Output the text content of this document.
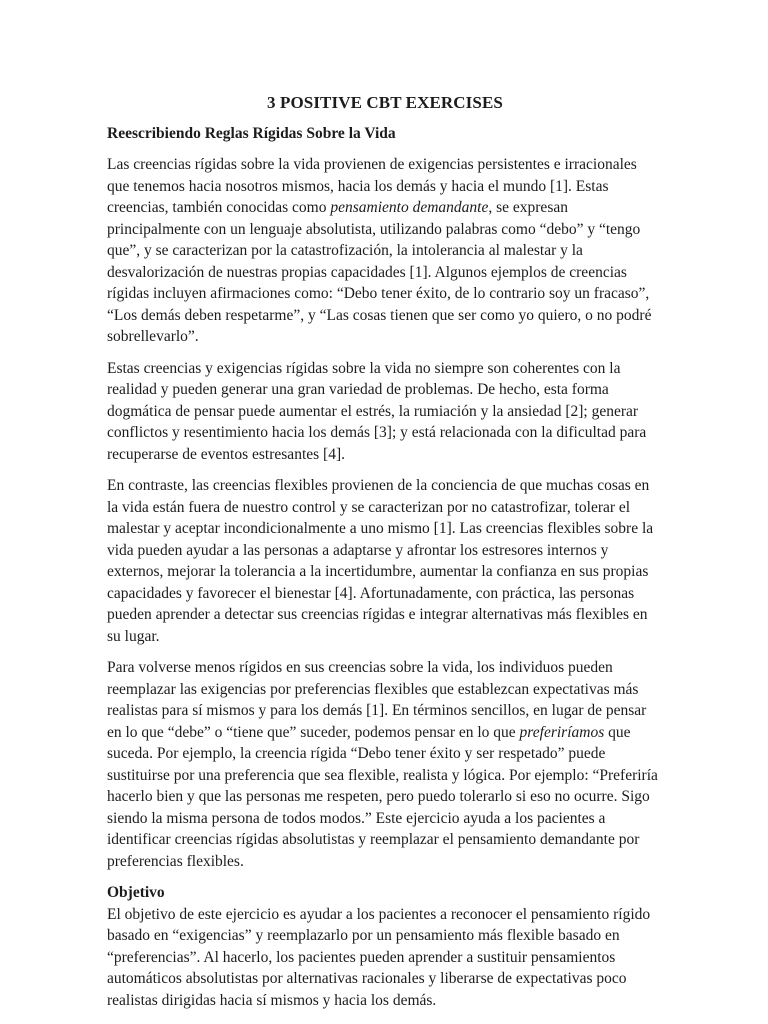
3 POSITIVE CBT EXERCISES
Reescribiendo Reglas Rígidas Sobre la Vida

Las creencias rígidas sobre la vida provienen de exigencias persistentes e irracionales que tenemos hacia nosotros mismos, hacia los demás y hacia el mundo [1]. Estas creencias, también conocidas como pensamiento demandante, se expresan principalmente con un lenguaje absolutista, utilizando palabras como “debo” y “tengo que”, y se caracterizan por la catastrofización, la intolerancia al malestar y la desvalorización de nuestras propias capacidades [1]. Algunos ejemplos de creencias rígidas incluyen afirmaciones como: “Debo tener éxito, de lo contrario soy un fracaso”, “Los demás deben respetarme”, y “Las cosas tienen que ser como yo quiero, o no podré sobrellevarlo”.

Estas creencias y exigencias rígidas sobre la vida no siempre son coherentes con la realidad y pueden generar una gran variedad de problemas. De hecho, esta forma dogmática de pensar puede aumentar el estrés, la rumiación y la ansiedad [2]; generar conflictos y resentimiento hacia los demás [3]; y está relacionada con la dificultad para recuperarse de eventos estresantes [4].

En contraste, las creencias flexibles provienen de la conciencia de que muchas cosas en la vida están fuera de nuestro control y se caracterizan por no catastrofizar, tolerar el malestar y aceptar incondicionalmente a uno mismo [1]. Las creencias flexibles sobre la vida pueden ayudar a las personas a adaptarse y afrontar los estresores internos y externos, mejorar la tolerancia a la incertidumbre, aumentar la confianza en sus propias capacidades y favorecer el bienestar [4]. Afortunadamente, con práctica, las personas pueden aprender a detectar sus creencias rígidas e integrar alternativas más flexibles en su lugar.

Para volverse menos rígidos en sus creencias sobre la vida, los individuos pueden reemplazar las exigencias por preferencias flexibles que establezcan expectativas más realistas para sí mismos y para los demás [1]. En términos sencillos, en lugar de pensar en lo que “debe” o “tiene que” suceder, podemos pensar en lo que preferiríamos que suceda. Por ejemplo, la creencia rígida “Debo tener éxito y ser respetado” puede sustituirse por una preferencia que sea flexible, realista y lógica. Por ejemplo: “Preferiría hacerlo bien y que las personas me respeten, pero puedo tolerarlo si eso no ocurre. Sigo siendo la misma persona de todos modos.” Este ejercicio ayuda a los pacientes a identificar creencias rígidas absolutistas y reemplazar el pensamiento demandante por preferencias flexibles.

Objetivo

El objetivo de este ejercicio es ayudar a los pacientes a reconocer el pensamiento rígido basado en “exigencias” y reemplazarlo por un pensamiento más flexible basado en “preferencias”. Al hacerlo, los pacientes pueden aprender a sustituir pensamientos automáticos absolutistas por alternativas racionales y liberarse de expectativas poco realistas dirigidas hacia sí mismos y hacia los demás.
